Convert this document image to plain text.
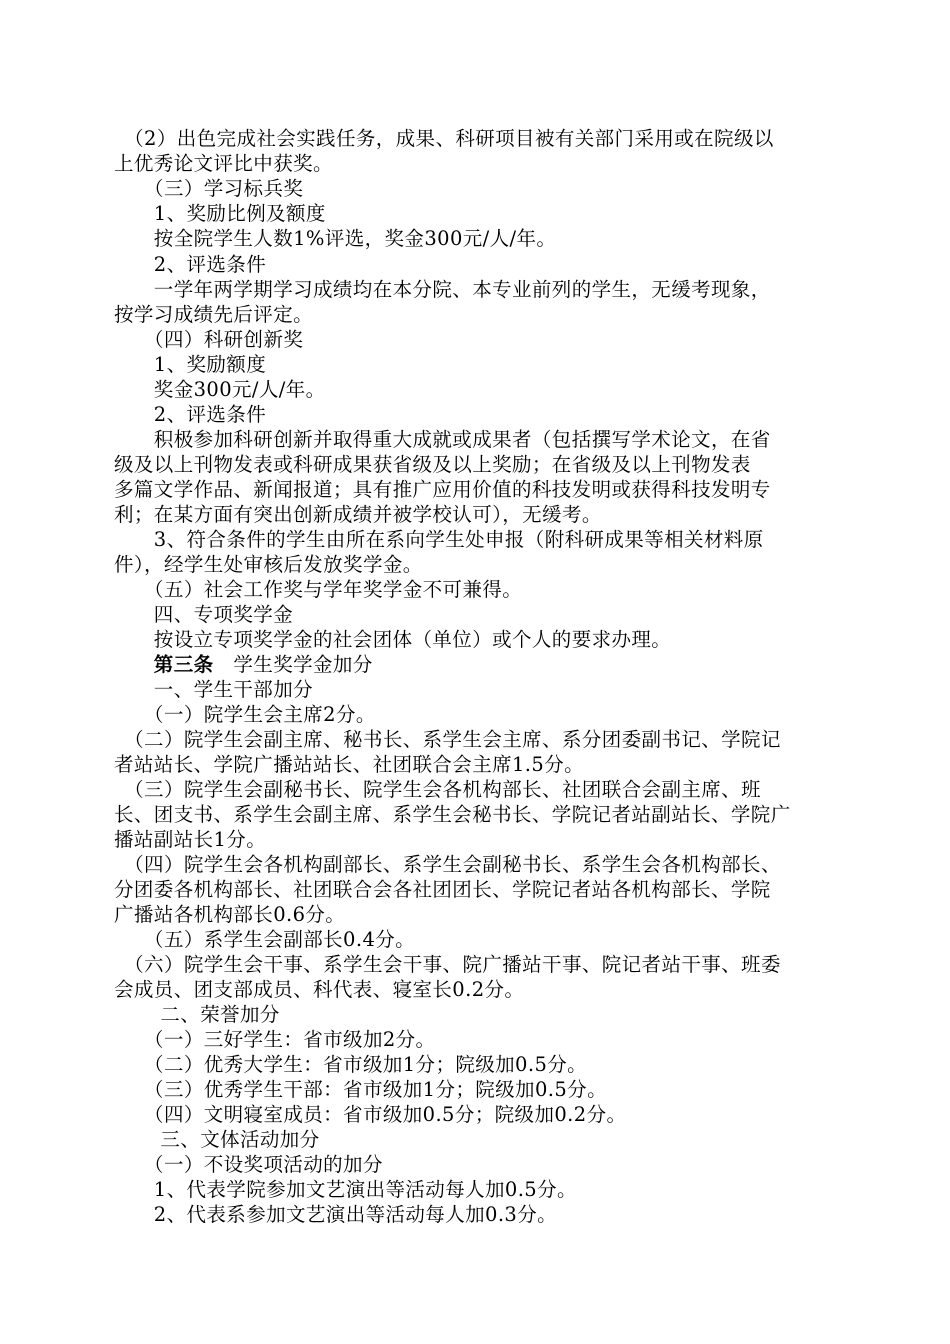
　（2）出色完成社会实践任务，成果、科研项目被有关部门采用或在院级以
上优秀论文评比中获奖。
　　（三）学习标兵奖
　　1、奖励比例及额度
　　按全院学生人数1%评选，奖金300元/人/年。
　　2、评选条件
　　一学年两学期学习成绩均在本分院、本专业前列的学生，无缓考现象，
按学习成绩先后评定。
　　（四）科研创新奖
　　1、奖励额度
　　奖金300元/人/年。
　　2、评选条件
　　积极参加科研创新并取得重大成就或成果者（包括撰写学术论文，在省
级及以上刊物发表或科研成果获省级及以上奖励；在省级及以上刊物发表
多篇文学作品、新闻报道；具有推广应用价值的科技发明或获得科技发明专
利；在某方面有突出创新成绩并被学校认可），无缓考。
　　3、符合条件的学生由所在系向学生处申报（附科研成果等相关材料原
件），经学生处审核后发放奖学金。
　　（五）社会工作奖与学年奖学金不可兼得。
　　四、专项奖学金
　　按设立专项奖学金的社会团体（单位）或个人的要求办理。
　　第三条　学生奖学金加分
　　一、学生干部加分
　　（一）院学生会主席2分。
　（二）院学生会副主席、秘书长、系学生会主席、系分团委副书记、学院记
者站站长、学院广播站站长、社团联合会主席1.5分。
　（三）院学生会副秘书长、院学生会各机构部长、社团联合会副主席、班
长、团支书、系学生会副主席、系学生会秘书长、学院记者站副站长、学院广
播站副站长1分。
　（四）院学生会各机构副部长、系学生会副秘书长、系学生会各机构部长、
分团委各机构部长、社团联合会各社团团长、学院记者站各机构部长、学院
广播站各机构部长0.6分。
　　（五）系学生会副部长0.4分。
　（六）院学生会干事、系学生会干事、院广播站干事、院记者站干事、班委
会成员、团支部成员、科代表、寝室长0.2分。
　　 二、荣誉加分
　　（一）三好学生：省市级加2分。
　　（二）优秀大学生：省市级加1分；院级加0.5分。
　　（三）优秀学生干部：省市级加1分；院级加0.5分。
　　（四）文明寝室成员：省市级加0.5分；院级加0.2分。
　　 三、文体活动加分
　　（一）不设奖项活动的加分
　　1、代表学院参加文艺演出等活动每人加0.5分。
　　2、代表系参加文艺演出等活动每人加0.3分。
